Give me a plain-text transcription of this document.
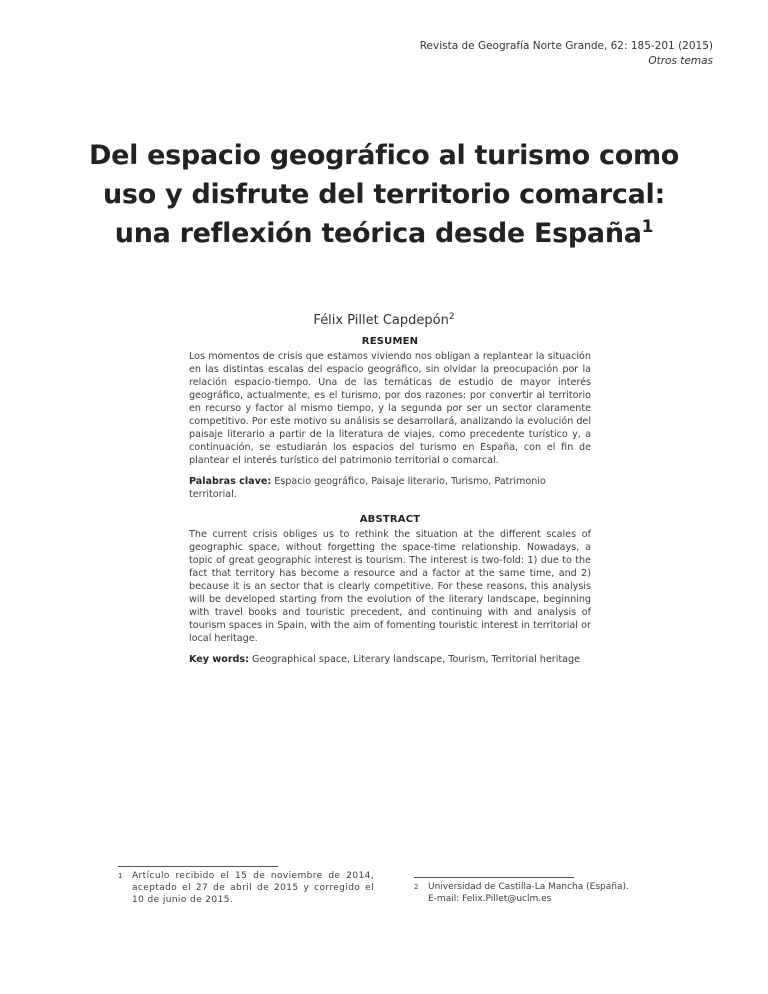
Revista de Geografía Norte Grande, 62: 185-201 (2015)
Otros temas
Del espacio geográfico al turismo como
uso y disfrute del territorio comarcal:
una reflexión teórica desde España$^1$
Félix Pillet Capdepón$^2$
RESUMEN

Los momentos de crisis que estamos viviendo nos obligan a replantear la situación en las distintas escalas del espacio geográfico, sin olvidar la preocupación por la relación espacio-tiempo. Una de las temáticas de estudio de mayor interés geográfico, actualmente, es el turismo, por dos razones: por convertir al territorio en recurso y factor al mismo tiempo, y la segunda por ser un sector claramente competitivo. Por este motivo su análisis se desarrollará, analizando la evolución del paisaje literario a partir de la literatura de viajes, como precedente turístico y, a continuación, se estudiarán los espacios del turismo en España, con el fin de plantear el interés turístico del patrimonio territorial o comarcal.

Palabras clave: Espacio geográfico, Paisaje literario, Turismo, Patrimonio territorial.
ABSTRACT

The current crisis obliges us to rethink the situation at the different scales of geographic space, without forgetting the space-time relationship. Nowadays, a topic of great geographic interest is tourism. The interest is two-fold: 1) due to the fact that territory has become a resource and a factor at the same time, and 2) because it is an sector that is clearly competitive. For these reasons, this analysis will be developed starting from the evolution of the literary landscape, beginning with travel books and touristic precedent, and continuing with and analysis of tourism spaces in Spain, with the aim of fomenting touristic interest in territorial or local heritage.

Key words: Geographical space, Literary landscape, Tourism, Territorial heritage
1	Artículo recibido el 15 de noviembre de 2014, aceptado el 27 de abril de 2015 y corregido el 10 de junio de 2015.
2	Universidad de Castilla-La Mancha (España).
E-mail: Felix.Pillet@uclm.es
